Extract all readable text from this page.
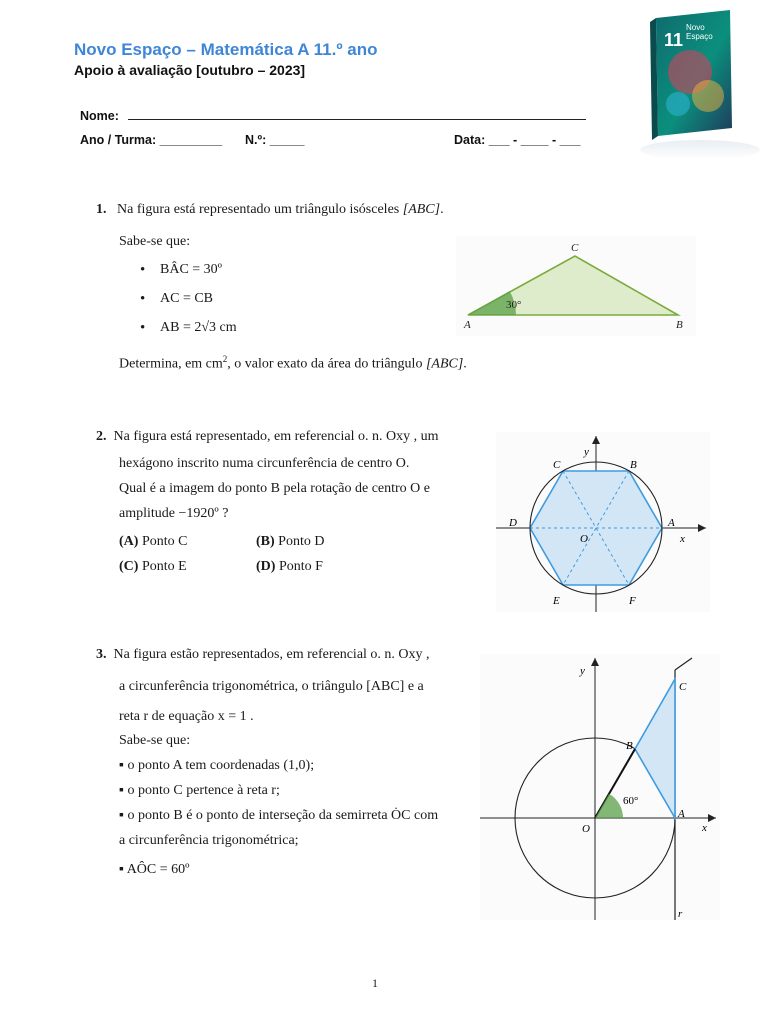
Novo Espaço – Matemática A 11.º ano
Apoio à avaliação [outubro – 2023]
11
Novo
Espaço
Nome:
Ano / Turma: _________ N.º: _____	Data: ___ - ____ - ___
1. Na figura está representado um triângulo isósceles [ABC].
Sabe-se que:
• BÂC = 30º
• AC = CB
• AB = 2√3 cm
Determina, em $cm^2$, o valor exato da área do triângulo [ABC].
30°
A	B
C
2. Na figura está representado, em referencial o. n. Oxy , um
hexágono inscrito numa circunferência de centro O.
Qual é a imagem do ponto B pela rotação de centro O e
amplitude −1920º ?
(A) Ponto C	(B) Ponto D
(C) Ponto E	(D) Ponto F
y
x
O
A
B
C
D
E	F
3. Na figura estão representados, em referencial o. n. Oxy ,
a circunferência trigonométrica, o triângulo [ABC] e a
reta r de equação x = 1 .
Sabe-se que:
▪ o ponto A tem coordenadas (1,0);
▪ o ponto C pertence à reta r;
▪ o ponto B é o ponto de interseção da semirreta ȮC com
a circunferência trigonométrica;
▪ AÔC = 60º
y
x
O
A
B
C
r
60°
1
